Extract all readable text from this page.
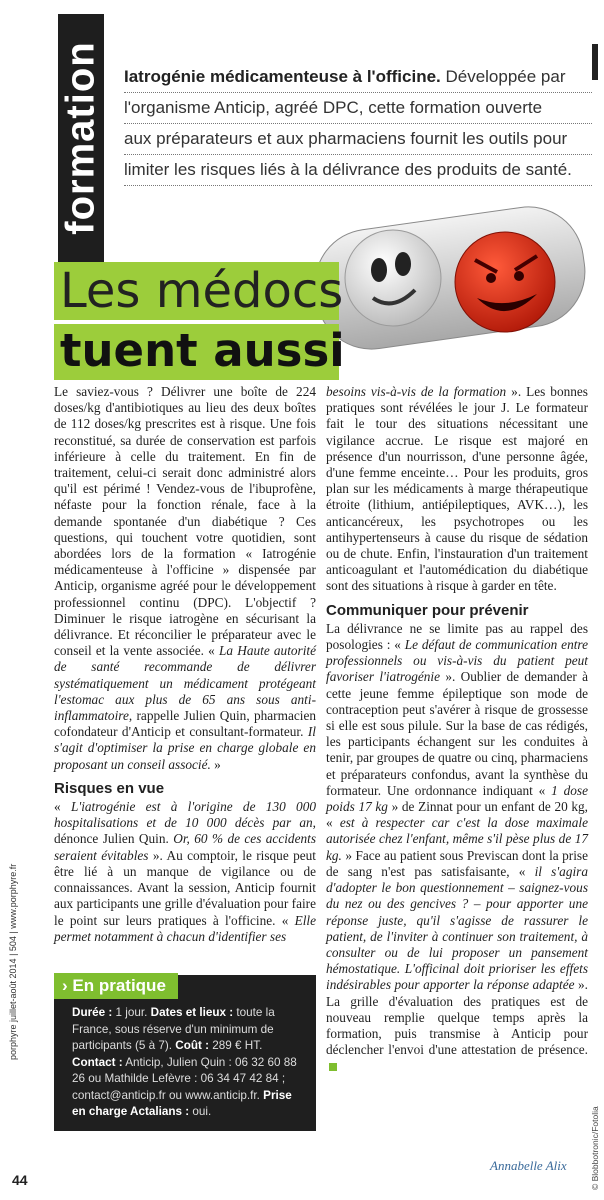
formation Iatrogénie médicamenteuse à l'officine. Développée par
l'organisme Anticip, agréé DPC, cette formation ouverte
aux préparateurs et aux pharmaciens fournit les outils pour
limiter les risques liés à la délivrance des produits de santé.
Les médocs
tuent aussi

Le saviez-vous ? Délivrer une boîte de 224 doses/kg d'antibiotiques au lieu des deux boîtes de 112 doses/kg prescrites est à risque. Une fois reconstitué, sa durée de conservation est parfois inférieure à celle du traitement. En fin de traitement, celui-ci serait donc administré alors qu'il est périmé ! Vendez-vous de l'ibuprofène, néfaste pour la fonction rénale, face à la demande spontanée d'un diabétique ? Ces questions, qui touchent votre quotidien, sont abordées lors de la formation « Iatrogénie médicamenteuse à l'officine » dispensée par Anticip, organisme agréé pour le développement professionnel continu (DPC). L'objectif ? Diminuer le risque iatrogène en sécurisant la délivrance. Et réconcilier le préparateur avec le conseil et la vente associée. « La Haute autorité de santé recommande de délivrer systématiquement un médicament protégeant l'estomac aux plus de 65 ans sous anti-inflammatoire, rappelle Julien Quin, pharmacien cofondateur d'Anticip et consultant-formateur. Il s'agit d'optimiser la prise en charge globale en proposant un conseil associé. »

Risques en vue

« L'iatrogénie est à l'origine de 130 000 hospitalisations et de 10 000 décès par an, dénonce Julien Quin. Or, 60 % de ces accidents seraient évitables ». Au comptoir, le risque peut être lié à un manque de vigilance ou de connaissances. Avant la session, Anticip fournit aux participants une grille d'évaluation pour faire le point sur leurs pratiques à l'officine. « Elle permet notamment à chacun d'identifier ses

› En pratique
Durée : 1 jour. Dates et lieux : toute la France, sous réserve d'un minimum de participants (5 à 7). Coût : 289 € HT. Contact : Anticip, Julien Quin : 06 32 60 88 26 ou Mathilde Lefèvre : 06 34 47 42 84 ; contact@anticip.fr ou www.anticip.fr. Prise en charge Actalians : oui.

besoins vis-à-vis de la formation ». Les bonnes pratiques sont révélées le jour J. Le formateur fait le tour des situations nécessitant une vigilance accrue. Le risque est majoré en présence d'un nourrisson, d'une personne âgée, d'une femme enceinte… Pour les produits, gros plan sur les médicaments à marge thérapeutique étroite (lithium, antiépileptiques, AVK…), les anticancéreux, les psychotropes ou les antihypertenseurs à cause du risque de sédation ou de chute. Enfin, l'instauration d'un traitement anticoagulant et l'automédication du diabétique sont des situations à risque à garder en tête.

Communiquer pour prévenir

La délivrance ne se limite pas au rappel des posologies : « Le défaut de communication entre professionnels ou vis-à-vis du patient peut favoriser l'iatrogénie ». Oublier de demander à cette jeune femme épileptique son mode de contraception peut s'avérer à risque de grossesse si elle est sous pilule. Sur la base de cas rédigés, les participants échangent sur les conduites à tenir, par groupes de quatre ou cinq, pharmaciens et préparateurs confondus, avant la synthèse du formateur. Une ordonnance indiquant « 1 dose poids 17 kg » de Zinnat pour un enfant de 20 kg, « est à respecter car c'est la dose maximale autorisée chez l'enfant, même s'il pèse plus de 17 kg. » Face au patient sous Previscan dont la prise de sang n'est pas satisfaisante, « il s'agira d'adopter le bon questionnement – saignez-vous du nez ou des gencives ? – pour apporter une réponse juste, qu'il s'agisse de rassurer le patient, de l'inviter à continuer son traitement, à consulter ou de lui proposer un pansement hémostatique. L'officinal doit prioriser les effets indésirables pour apporter la réponse adaptée ». La grille d'évaluation des pratiques est de nouveau remplie quelque temps après la formation, puis transmise à Anticip pour déclencher l'envoi d'une attestation de présence.

Annabelle Alix
porphyre juillet-août 2014 | 504 | www.porphyre.fr
© Blobbotronic/Fotolia
44
